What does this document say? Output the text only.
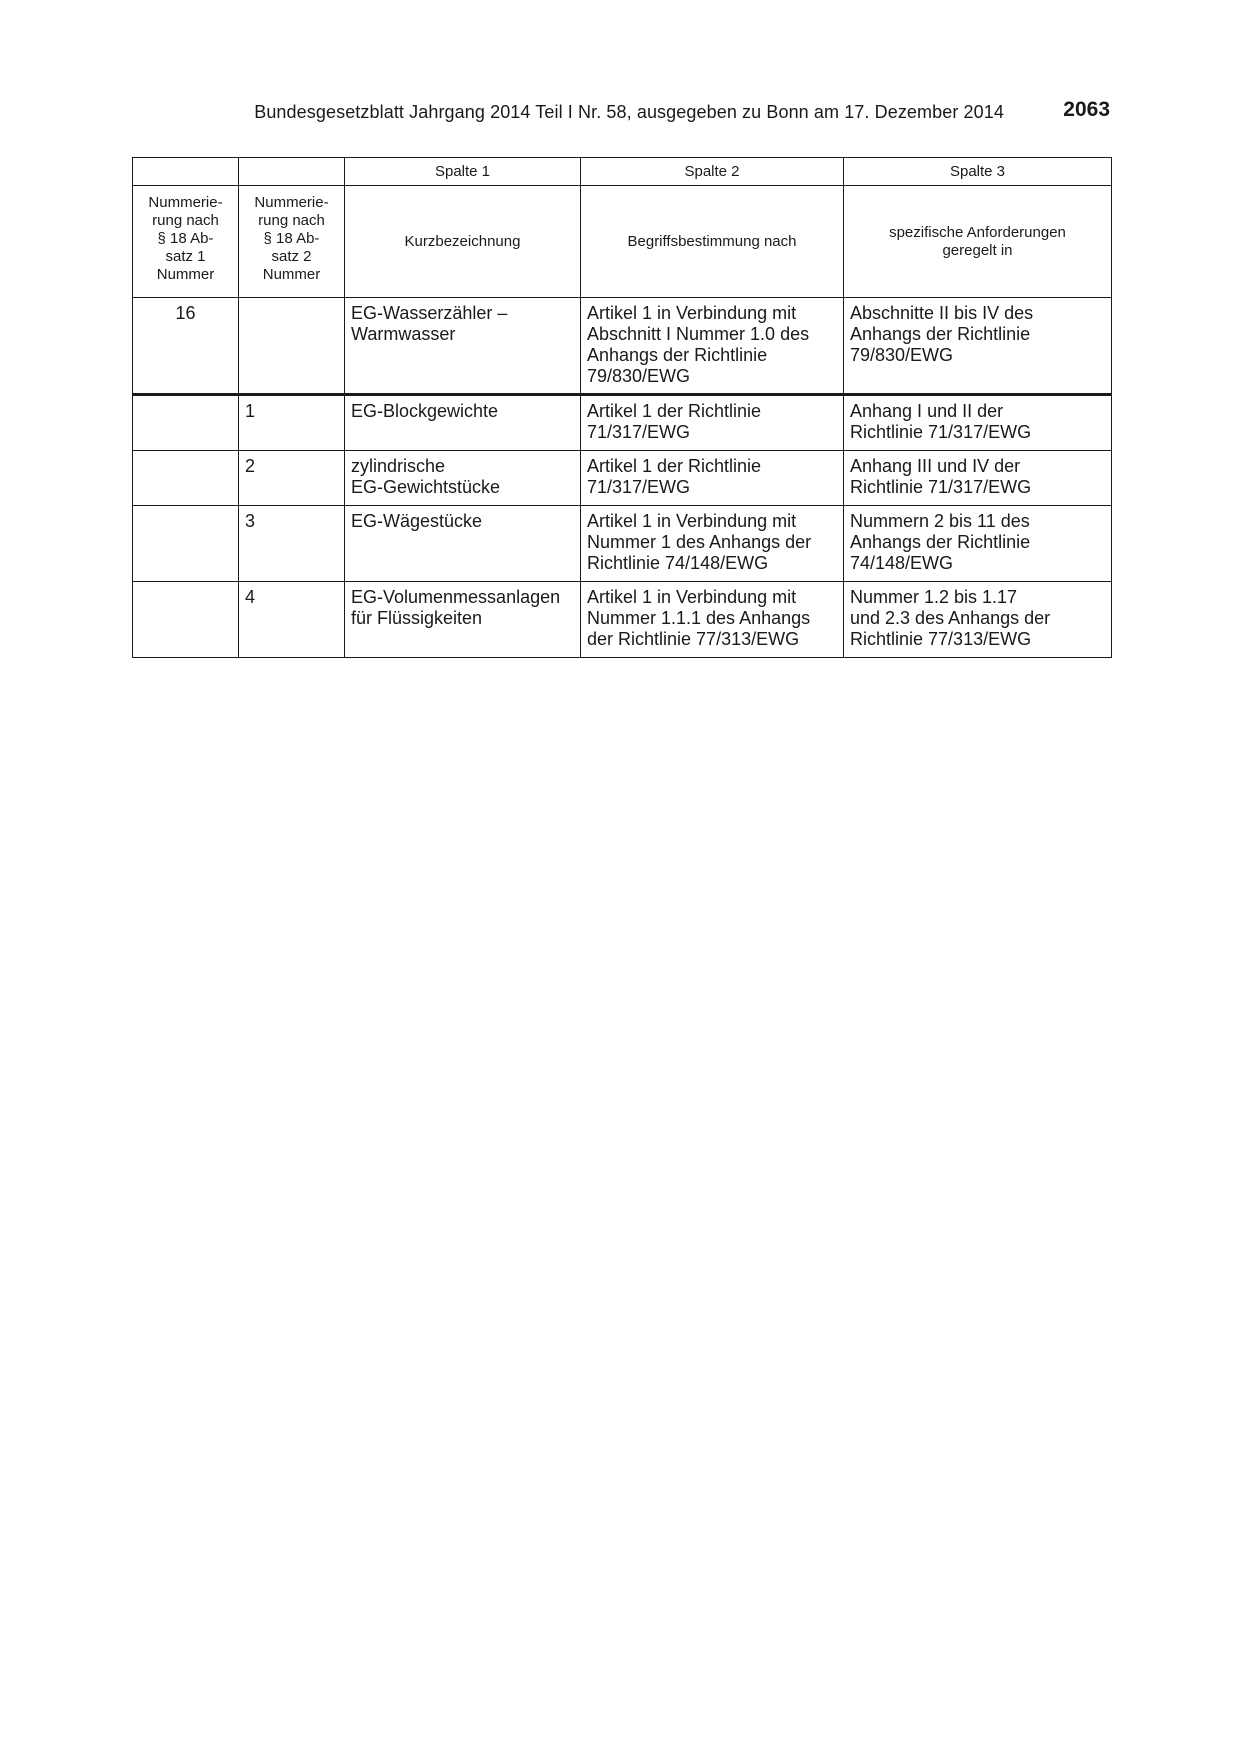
Bundesgesetzblatt Jahrgang 2014 Teil I Nr. 58, ausgegeben zu Bonn am 17. Dezember 2014	2063
		Spalte 1	Spalte 2	Spalte 3

Nummerie-
rung nach
§ 18 Ab-
satz 1
Nummer	Nummerie-
rung nach
§ 18 Ab-
satz 2
Nummer	Kurzbezeichnung	Begriffsbestimmung nach	spezifische Anforderungen
geregelt in

16		EG-Wasserzähler –
Warmwasser	Artikel 1 in Verbindung mit
Abschnitt I Nummer 1.0 des
Anhangs der Richtlinie
79/830/EWG	Abschnitte II bis IV des
Anhangs der Richtlinie
79/830/EWG

	1	EG-Blockgewichte	Artikel 1 der Richtlinie
71/317/EWG	Anhang I und II der
Richtlinie 71/317/EWG

	2	zylindrische
EG-Gewichtstücke	Artikel 1 der Richtlinie
71/317/EWG	Anhang III und IV der
Richtlinie 71/317/EWG

	3	EG-Wägestücke	Artikel 1 in Verbindung mit
Nummer 1 des Anhangs der
Richtlinie 74/148/EWG	Nummern 2 bis 11 des
Anhangs der Richtlinie
74/148/EWG

	4	EG-Volumenmessanlagen
für Flüssigkeiten	Artikel 1 in Verbindung mit
Nummer 1.1.1 des Anhangs
der Richtlinie 77/313/EWG	Nummer 1.2 bis 1.17
und 2.3 des Anhangs der
Richtlinie 77/313/EWG
